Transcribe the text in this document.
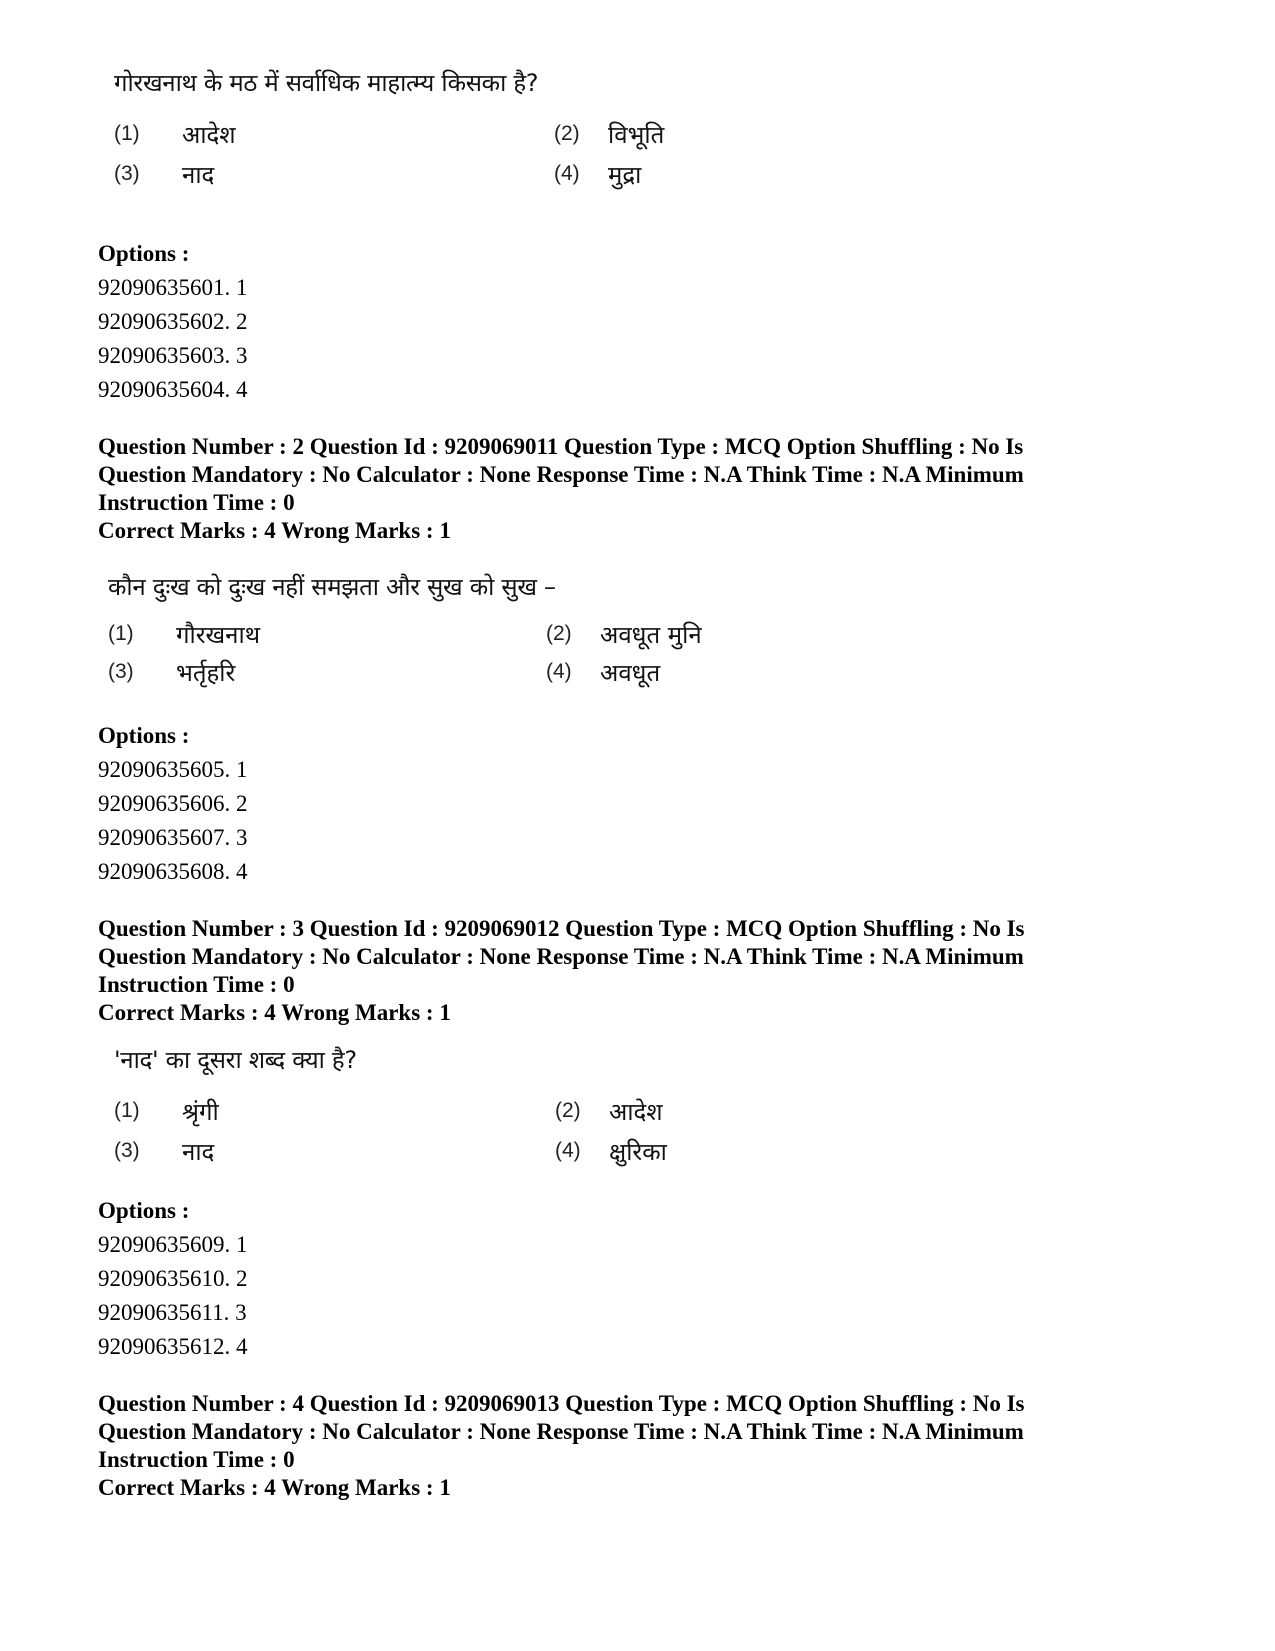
गोरखनाथ के मठ में सर्वाधिक माहात्म्य किसका है?
(1) आदेश	(2) विभूति
(3) नाद	(4) मुद्रा
Options :
92090635601. 1
92090635602. 2
92090635603. 3
92090635604. 4
Question Number : 2 Question Id : 9209069011 Question Type : MCQ Option Shuffling : No Is
Question Mandatory : No Calculator : None Response Time : N.A Think Time : N.A Minimum
Instruction Time : 0
Correct Marks : 4 Wrong Marks : 1
कौन दुःख को दुःख नहीं समझता और सुख को सुख –
(1) गौरखनाथ	(2) अवधूत मुनि
(3) भर्तृहरि	(4) अवधूत
Options :
92090635605. 1
92090635606. 2
92090635607. 3
92090635608. 4
Question Number : 3 Question Id : 9209069012 Question Type : MCQ Option Shuffling : No Is
Question Mandatory : No Calculator : None Response Time : N.A Think Time : N.A Minimum
Instruction Time : 0
Correct Marks : 4 Wrong Marks : 1
'नाद' का दूसरा शब्द क्या है?
(1) श्रृंगी	(2) आदेश
(3) नाद	(4) क्षुरिका
Options :
92090635609. 1
92090635610. 2
92090635611. 3
92090635612. 4
Question Number : 4 Question Id : 9209069013 Question Type : MCQ Option Shuffling : No Is
Question Mandatory : No Calculator : None Response Time : N.A Think Time : N.A Minimum
Instruction Time : 0
Correct Marks : 4 Wrong Marks : 1
